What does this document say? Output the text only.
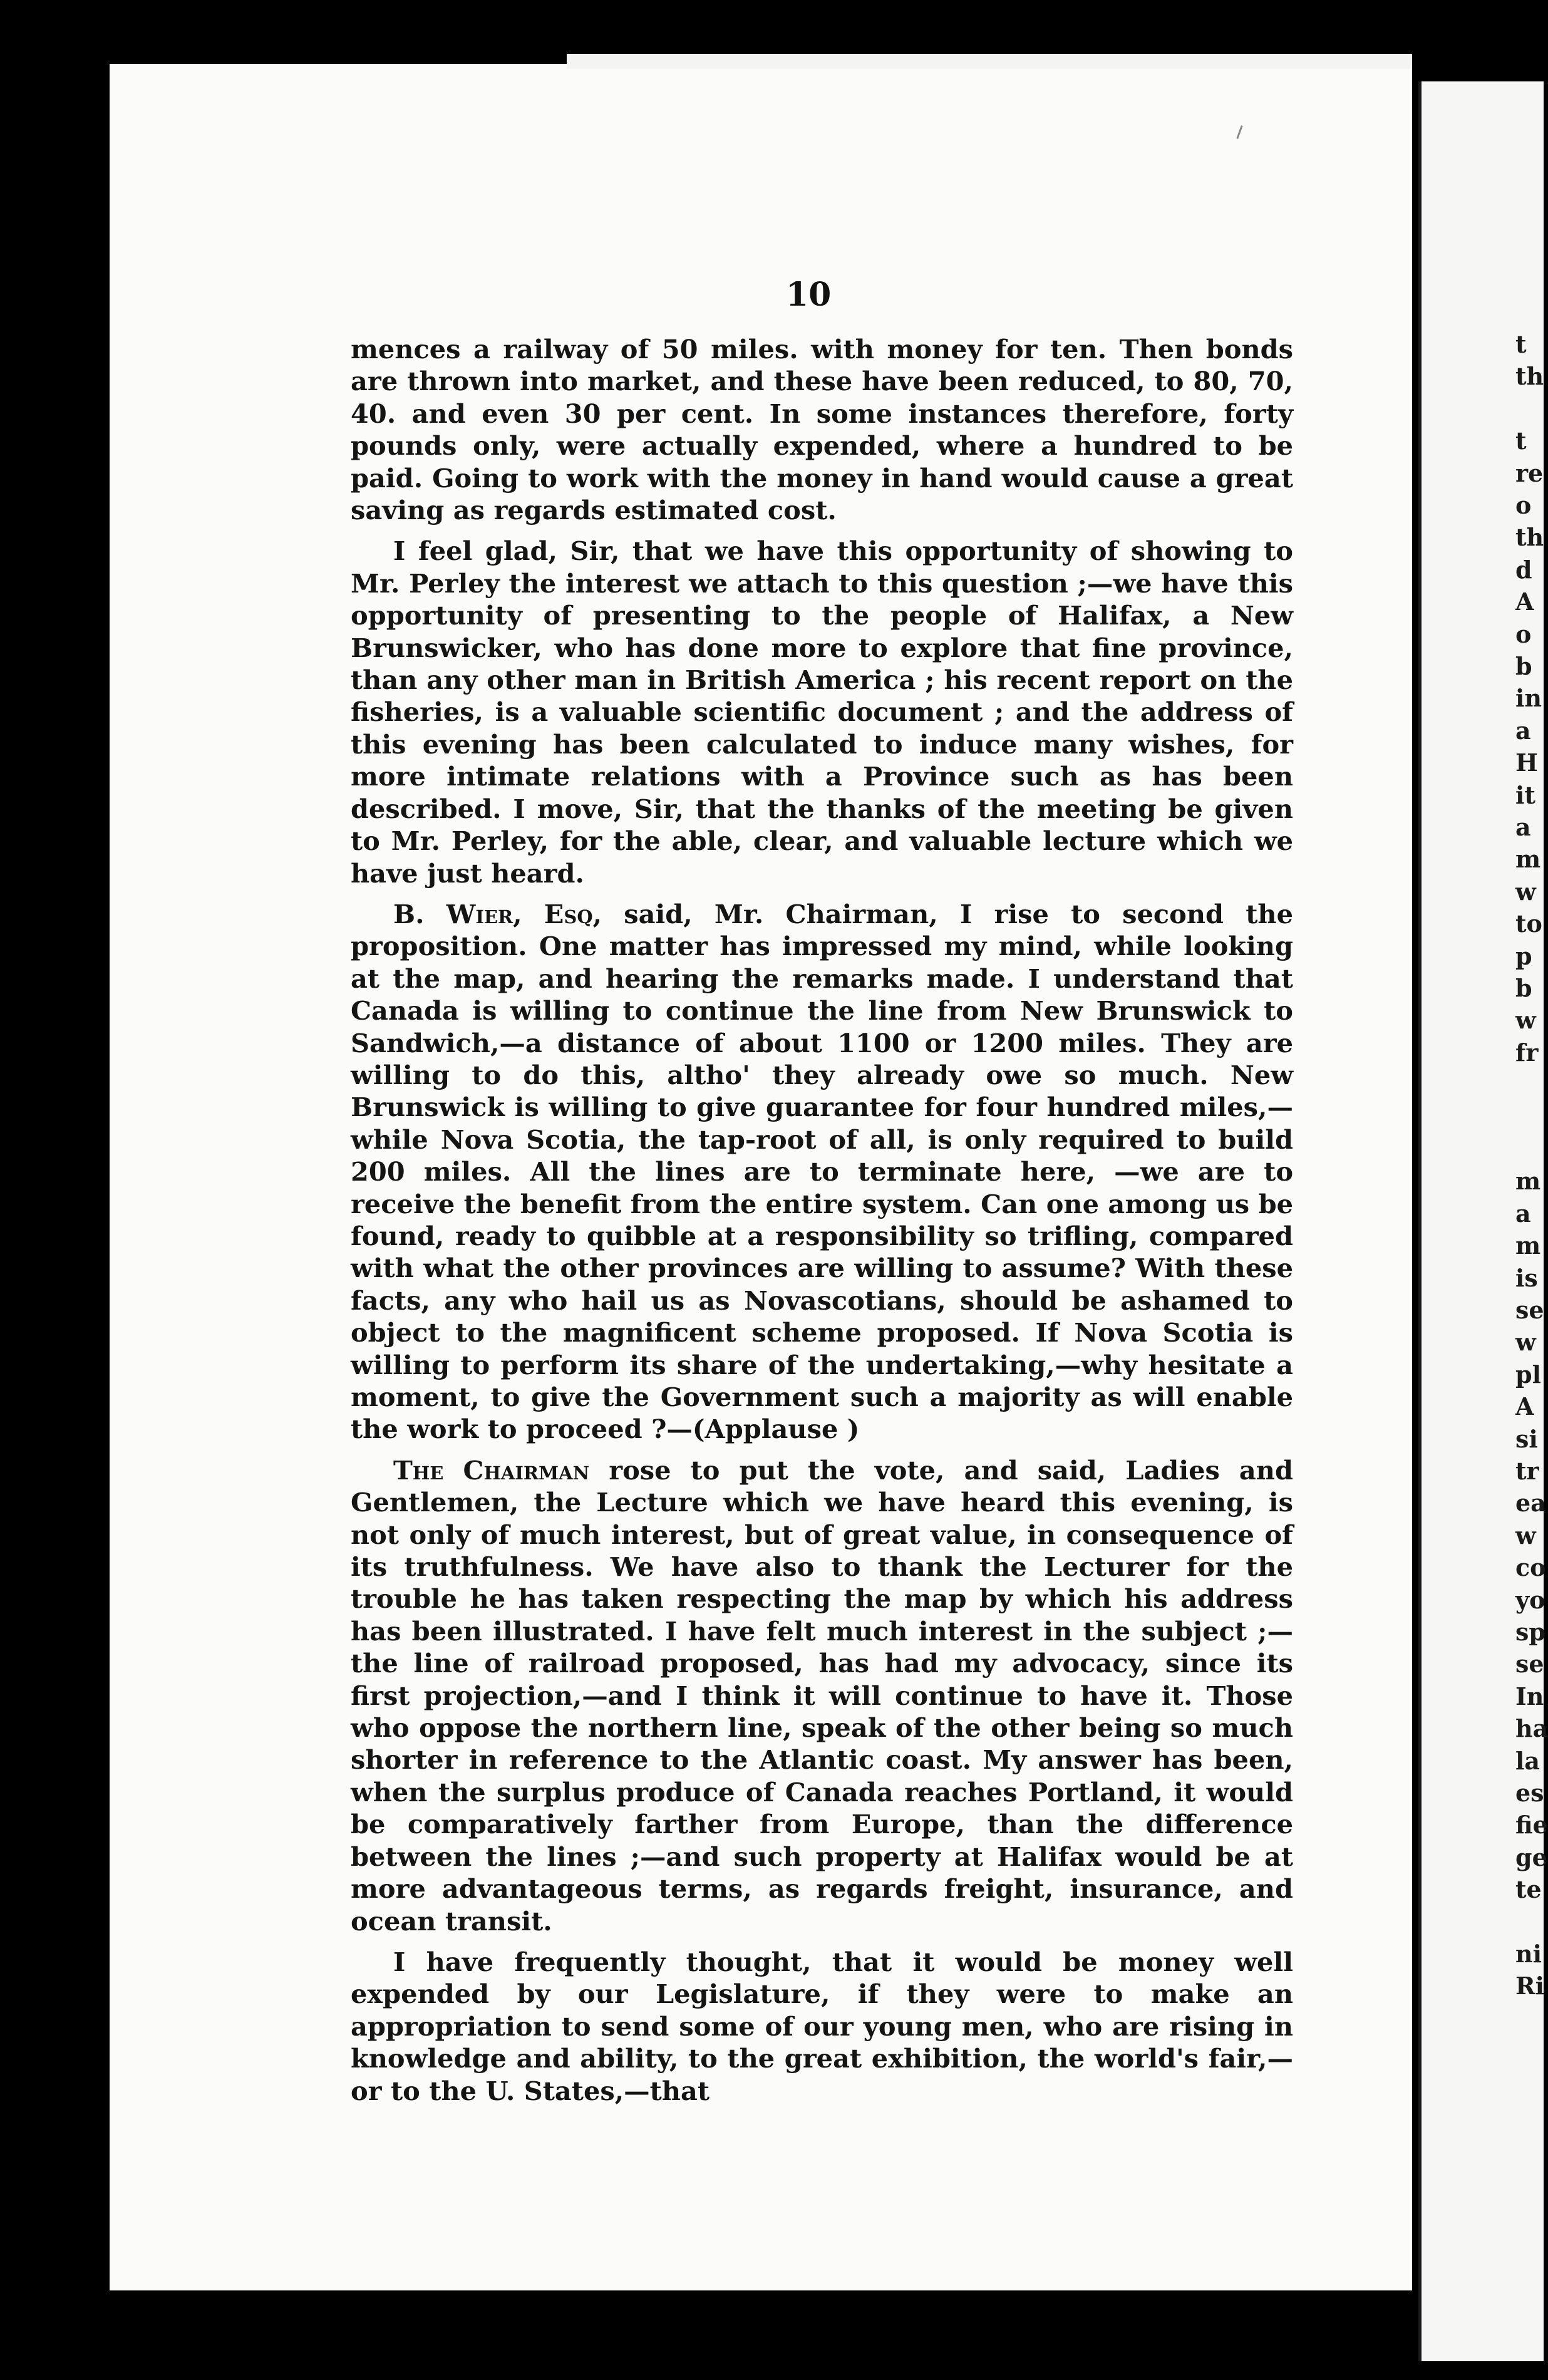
t
th
t
re
o
th
d
A
o
b
in
a
H
it
a
m
w
to
p
b
w
fr
m
a
m
is
se
w
pl
A
si
tr
ea
w
co
yo
sp
se
In
ha
la
es
fie
ge
te
ni
Ri
10

mences a railway of 50 miles. with money for ten. Then bonds are thrown into market, and these have been reduced, to 80, 70, 40. and even 30 per cent. In some instances therefore, forty pounds only, were actually expended, where a hundred to be paid. Going to work with the money in hand would cause a great saving as regards estimated cost.

I feel glad, Sir, that we have this opportunity of showing to Mr. Perley the interest we attach to this question ;—we have this opportunity of presenting to the people of Halifax, a New Brunswicker, who has done more to explore that fine province, than any other man in British America ; his recent report on the fisheries, is a valuable scientific document ; and the address of this evening has been calculated to induce many wishes, for more intimate relations with a Province such as has been described. I move, Sir, that the thanks of the meeting be given to Mr. Perley, for the able, clear, and valuable lecture which we have just heard.

B. Wier, Esq, said, Mr. Chairman, I rise to second the proposition. One matter has impressed my mind, while looking at the map, and hearing the remarks made. I understand that Canada is willing to continue the line from New Brunswick to Sandwich,—a distance of about 1100 or 1200 miles. They are willing to do this, altho' they already owe so much. New Brunswick is willing to give guarantee for four hundred miles,—while Nova Scotia, the tap-root of all, is only required to build 200 miles. All the lines are to terminate here, —we are to receive the benefit from the entire system. Can one among us be found, ready to quibble at a responsibility so trifling, compared with what the other provinces are willing to assume? With these facts, any who hail us as Novascotians, should be ashamed to object to the magnificent scheme proposed. If Nova Scotia is willing to perform its share of the undertaking,—why hesitate a moment, to give the Government such a majority as will enable the work to proceed ?—(Applause )

The Chairman rose to put the vote, and said, Ladies and Gentlemen, the Lecture which we have heard this evening, is not only of much interest, but of great value, in consequence of its truthfulness. We have also to thank the Lecturer for the trouble he has taken respecting the map by which his address has been illustrated. I have felt much interest in the subject ;—the line of railroad proposed, has had my advocacy, since its first projection,—and I think it will continue to have it. Those who oppose the northern line, speak of the other being so much shorter in reference to the Atlantic coast. My answer has been, when the surplus produce of Canada reaches Portland, it would be comparatively farther from Europe, than the difference between the lines ;—and such property at Halifax would be at more advantageous terms, as regards freight, insurance, and ocean transit.

I have frequently thought, that it would be money well expended by our Legislature, if they were to make an appropriation to send some of our young men, who are rising in knowledge and ability, to the great exhibition, the world's fair,—or to the U. States,—that
